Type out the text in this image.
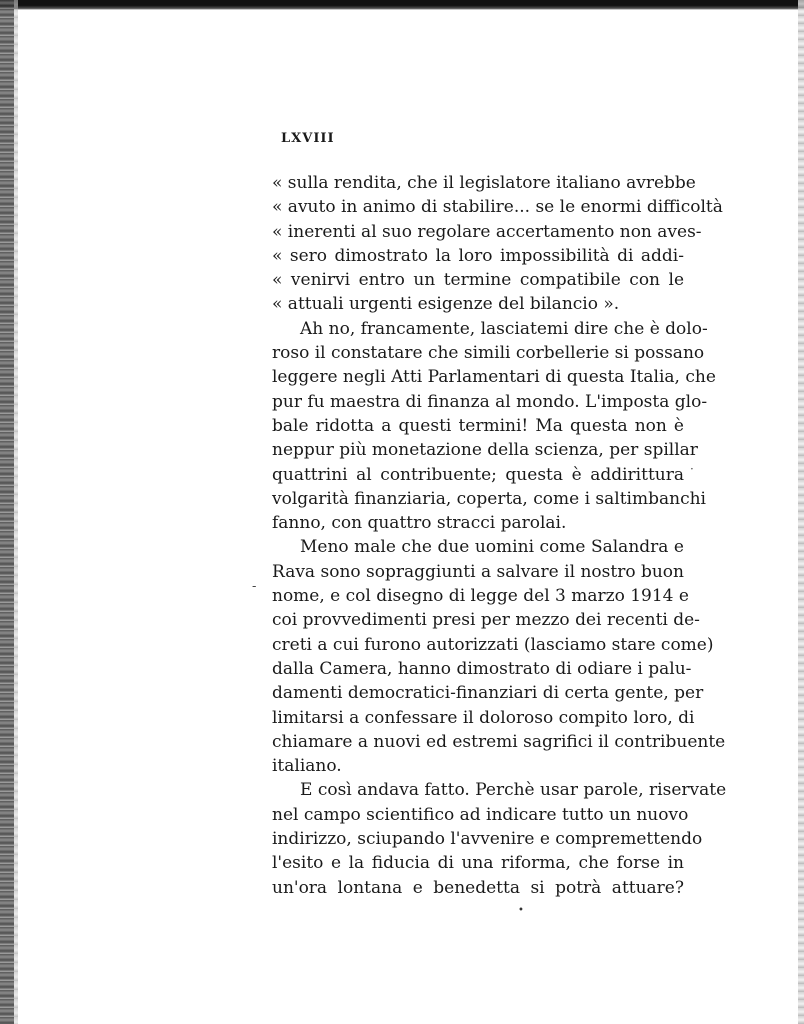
LXVIII
« sulla rendita, che il legislatore italiano avrebbe
« avuto in animo di stabilire... se le enormi difficoltà
« inerenti al suo regolare accertamento non aves-
« sero dimostrato la loro impossibilità di addi-
« venirvi entro un termine compatibile con le
« attuali urgenti esigenze del bilancio ».
Ah no, francamente, lasciatemi dire che è dolo-
roso il constatare che simili corbellerie si possano
leggere negli Atti Parlamentari di questa Italia, che
pur fu maestra di finanza al mondo. L'imposta glo-
bale ridotta a questi termini! Ma questa non è
neppur più monetazione della scienza, per spillar
quattrini al contribuente; questa è addirittura
volgarità finanziaria, coperta, come i saltimbanchi
fanno, con quattro stracci parolai.
Meno male che due uomini come Salandra e
Rava sono sopraggiunti a salvare il nostro buon
nome, e col disegno di legge del 3 marzo 1914 e
coi provvedimenti presi per mezzo dei recenti de-
creti a cui furono autorizzati (lasciamo stare come)
dalla Camera, hanno dimostrato di odiare i palu-
damenti democratici-finanziari di certa gente, per
limitarsi a confessare il doloroso compito loro, di
chiamare a nuovi ed estremi sagrifici il contribuente
italiano.
E così andava fatto. Perchè usar parole, riservate
nel campo scientifico ad indicare tutto un nuovo
indirizzo, sciupando l'avvenire e compremettendo
l'esito e la fiducia di una riforma, che forse in
un'ora lontana e benedetta si potrà attuare?
-
·
•
